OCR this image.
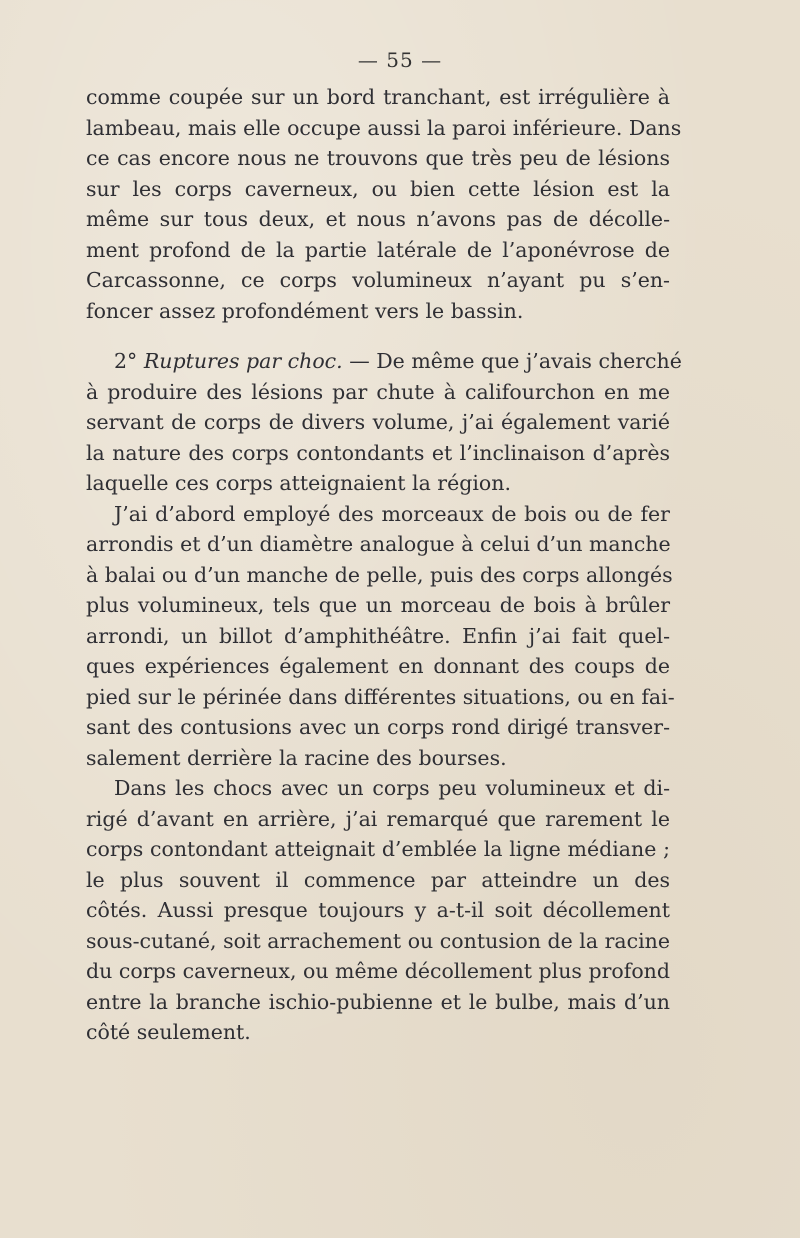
— 55 —
comme coupée sur un bord tranchant, est irrégulière à
lambeau, mais elle occupe aussi la paroi inférieure. Dans
ce cas encore nous ne trouvons que très peu de lésions
sur les corps caverneux, ou bien cette lésion est la
même sur tous deux, et nous n’avons pas de décolle-
ment profond de la partie latérale de l’aponévrose de
Carcassonne, ce corps volumineux n’ayant pu s’en-
foncer assez profondément vers le bassin.
2° Ruptures par choc. — De même que j’avais cherché
à produire des lésions par chute à califourchon en me
servant de corps de divers volume, j’ai également varié
la nature des corps contondants et l’inclinaison d’après
laquelle ces corps atteignaient la région.
J’ai d’abord employé des morceaux de bois ou de fer
arrondis et d’un diamètre analogue à celui d’un manche
à balai ou d’un manche de pelle, puis des corps allongés
plus volumineux, tels que un morceau de bois à brûler
arrondi, un billot d’amphithéâtre. Enfin j’ai fait quel-
ques expériences également en donnant des coups de
pied sur le périnée dans différentes situations, ou en fai-
sant des contusions avec un corps rond dirigé transver-
salement derrière la racine des bourses.
Dans les chocs avec un corps peu volumineux et di-
rigé d’avant en arrière, j’ai remarqué que rarement le
corps contondant atteignait d’emblée la ligne médiane ;
le plus souvent il commence par atteindre un des
côtés. Aussi presque toujours y a-t-il soit décollement
sous-cutané, soit arrachement ou contusion de la racine
du corps caverneux, ou même décollement plus profond
entre la branche ischio-pubienne et le bulbe, mais d’un
côté seulement.
